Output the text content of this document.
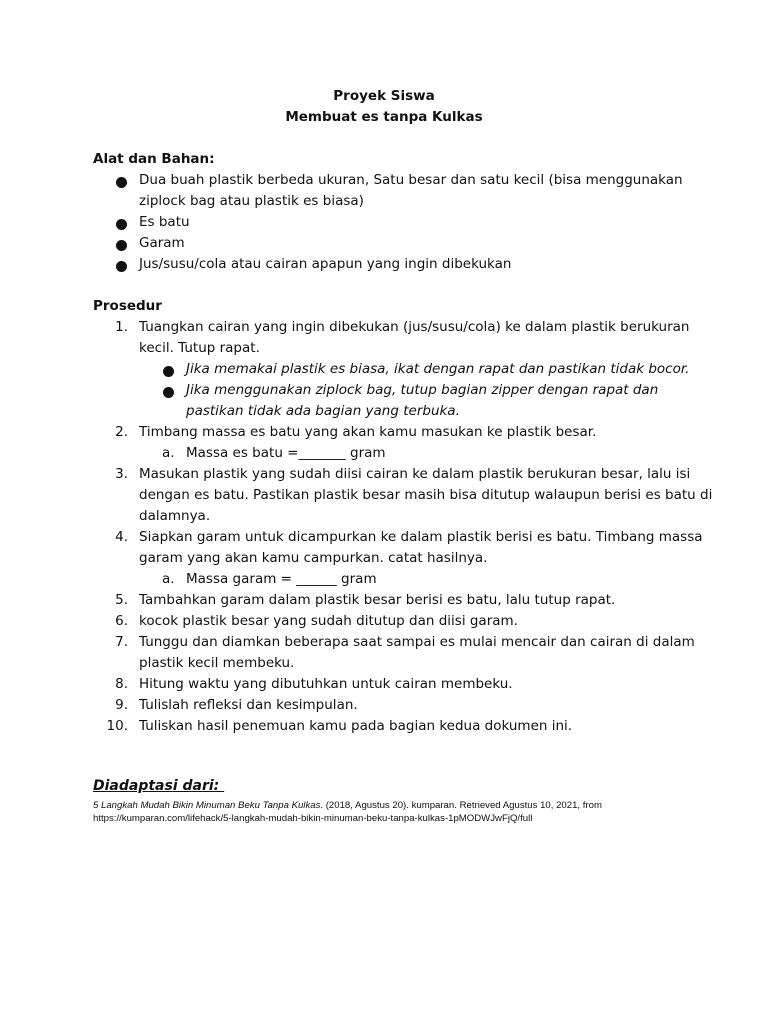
Proyek Siswa
Membuat es tanpa Kulkas
Alat dan Bahan:
Dua buah plastik berbeda ukuran, Satu besar dan satu kecil (bisa menggunakan
ziplock bag atau plastik es biasa)
Es batu
Garam
Jus/susu/cola atau cairan apapun yang ingin dibekukan
Prosedur
1. Tuangkan cairan yang ingin dibekukan (jus/susu/cola) ke dalam plastik berukuran
kecil. Tutup rapat.
Jika memakai plastik es biasa, ikat dengan rapat dan pastikan tidak bocor.
Jika menggunakan ziplock bag, tutup bagian zipper dengan rapat dan
pastikan tidak ada bagian yang terbuka.
2. Timbang massa es batu yang akan kamu masukan ke plastik besar.
a. Massa es batu =_______ gram
3. Masukan plastik yang sudah diisi cairan ke dalam plastik berukuran besar, lalu isi
dengan es batu. Pastikan plastik besar masih bisa ditutup walaupun berisi es batu di
dalamnya.
4. Siapkan garam untuk dicampurkan ke dalam plastik berisi es batu. Timbang massa
garam yang akan kamu campurkan. catat hasilnya.
a. Massa garam = ______ gram
5. Tambahkan garam dalam plastik besar berisi es batu, lalu tutup rapat.
6. kocok plastik besar yang sudah ditutup dan diisi garam.
7. Tunggu dan diamkan beberapa saat sampai es mulai mencair dan cairan di dalam
plastik kecil membeku.
8. Hitung waktu yang dibutuhkan untuk cairan membeku.
9. Tulislah refleksi dan kesimpulan.
10. Tuliskan hasil penemuan kamu pada bagian kedua dokumen ini.
Diadaptasi dari:
5 Langkah Mudah Bikin Minuman Beku Tanpa Kulkas. (2018, Agustus 20). kumparan. Retrieved Agustus 10, 2021, from
https://kumparan.com/lifehack/5-langkah-mudah-bikin-minuman-beku-tanpa-kulkas-1pMODWJwFjQ/full
